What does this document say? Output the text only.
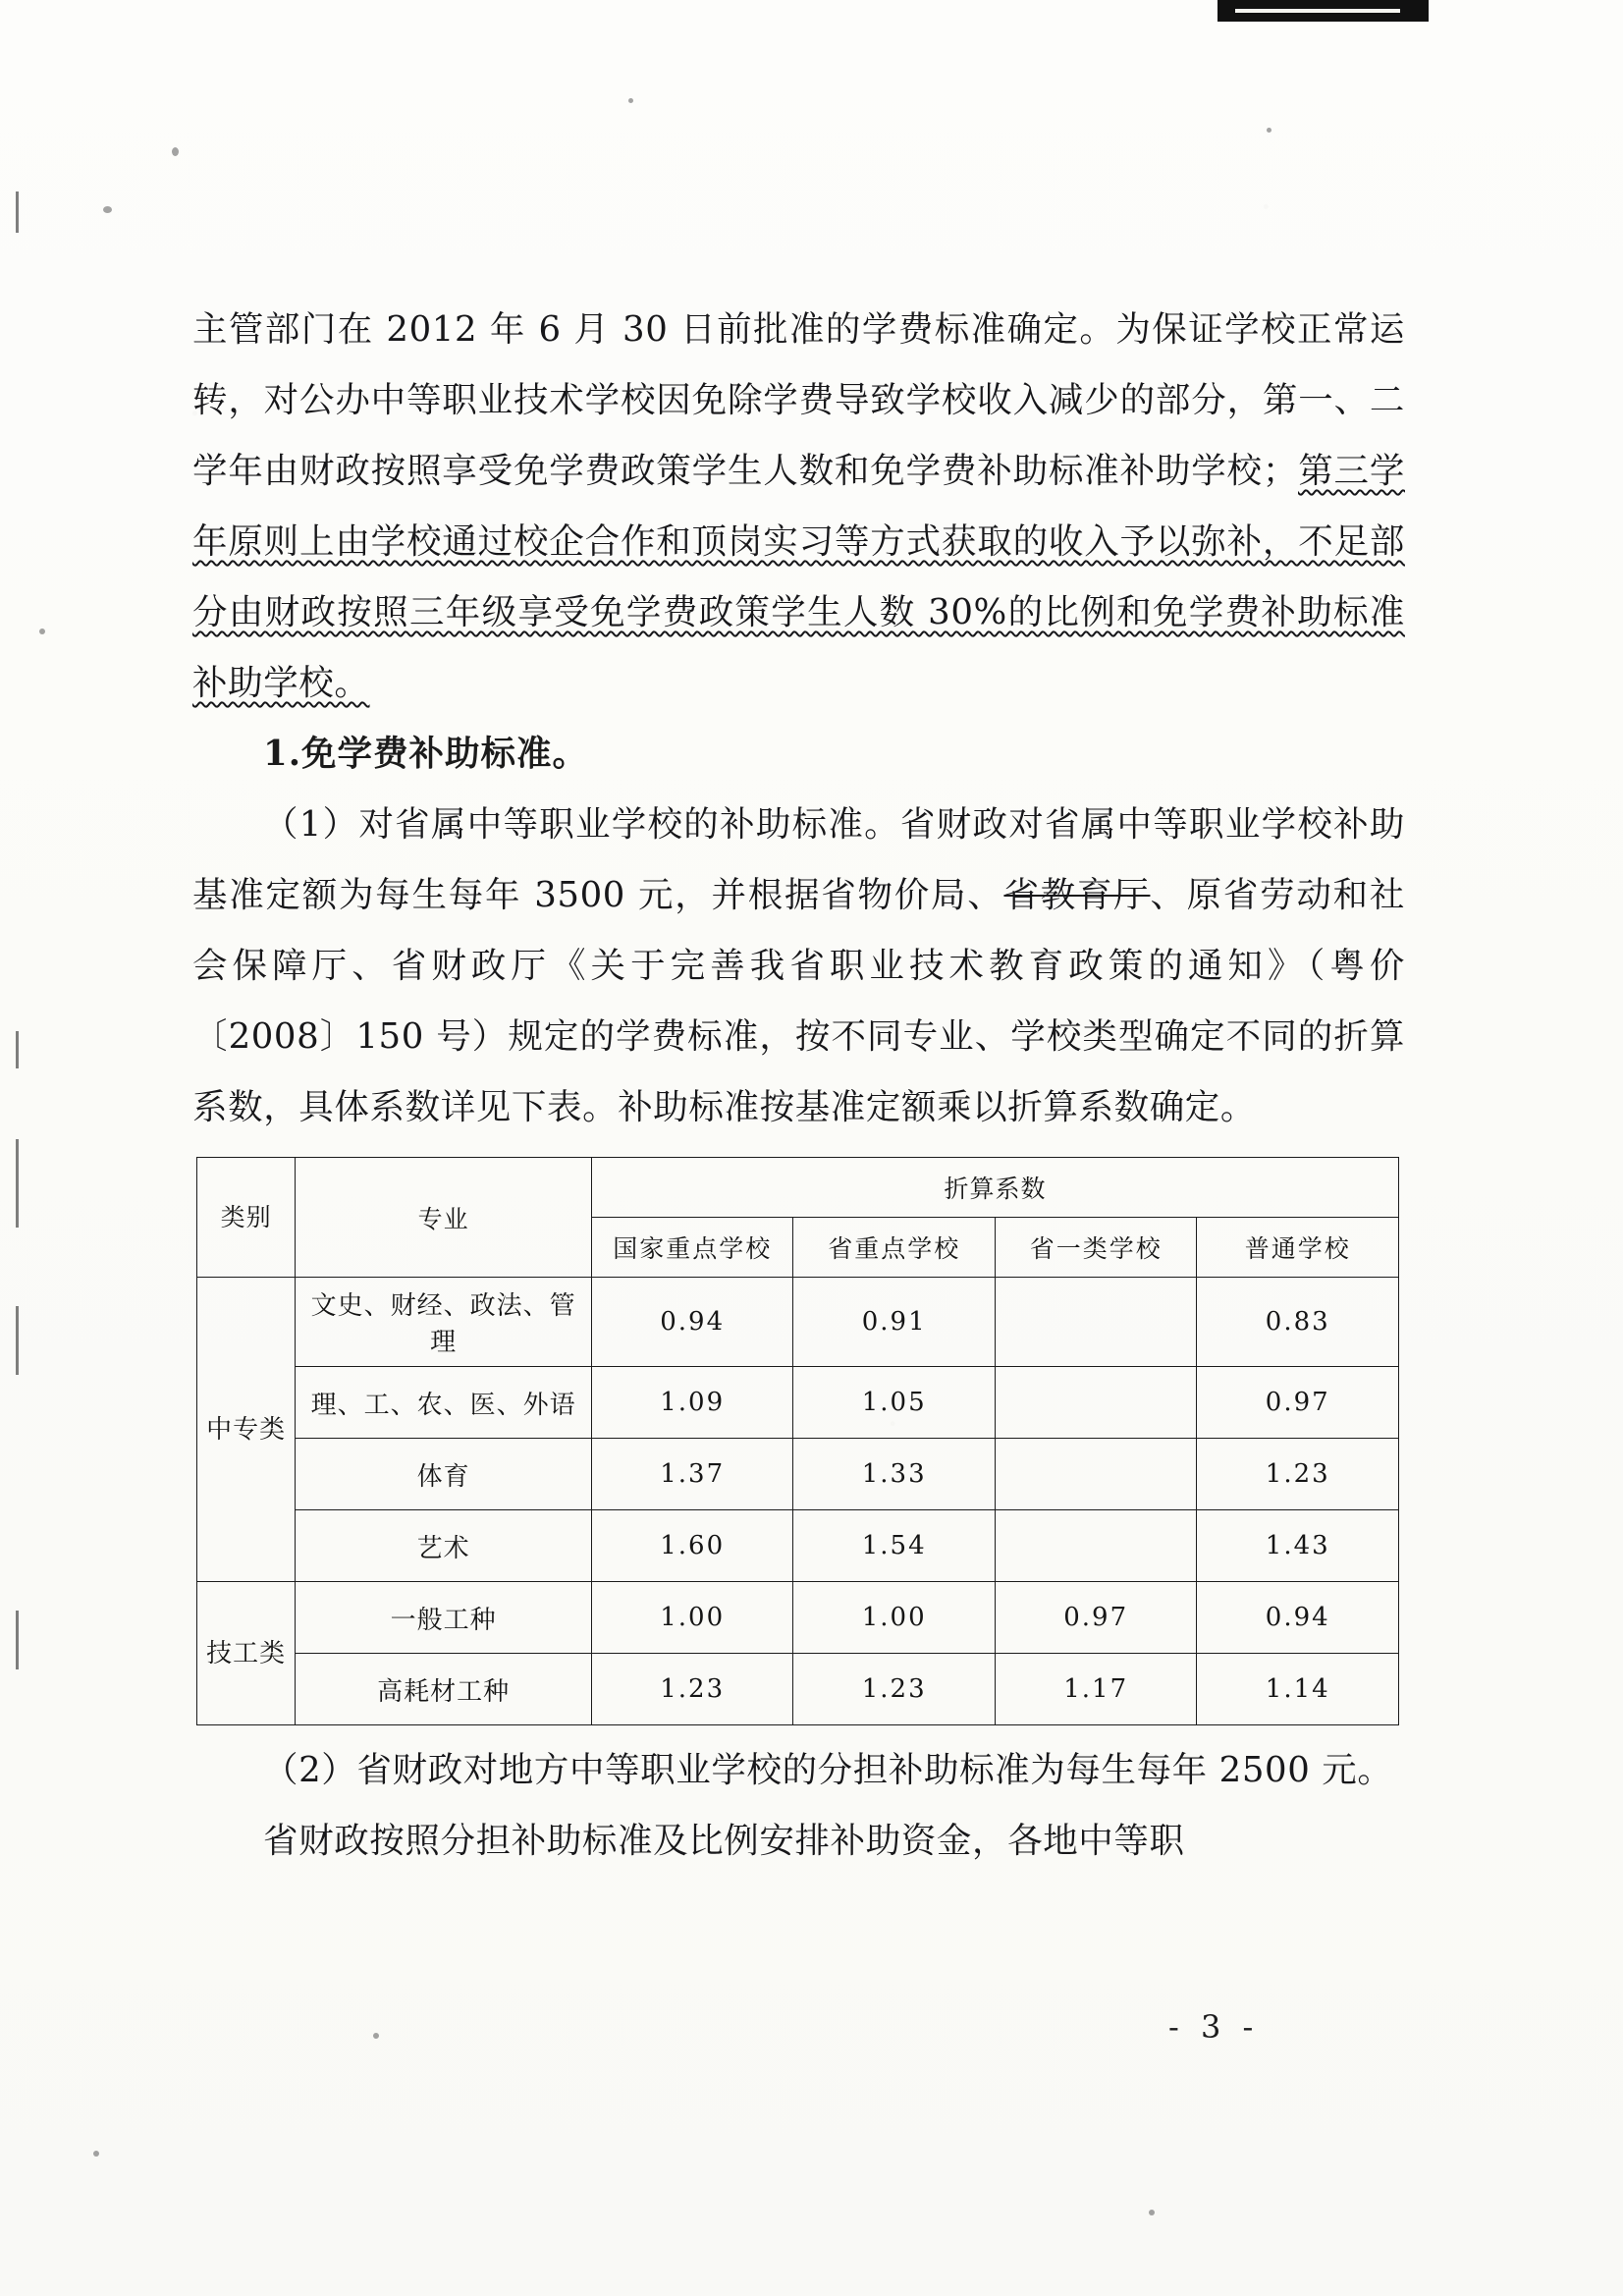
主管部门在 2012 年 6 月 30 日前批准的学费标准确定。为保证学校正常运转，对公办中等职业技术学校因免除学费导致学校收入减少的部分，第一、二学年由财政按照享受免学费政策学生人数和免学费补助标准补助学校；第三学年原则上由学校通过校企合作和顶岗实习等方式获取的收入予以弥补，不足部分由财政按照三年级享受免学费政策学生人数 30%的比例和免学费补助标准补助学校。

1.免学费补助标准。

（1）对省属中等职业学校的补助标准。省财政对省属中等职业学校补助基准定额为每生每年 3500 元，并根据省物价局、省教育厅、原省劳动和社会保障厅、省财政厅《关于完善我省职业技术教育政策的通知》（粤价〔2008〕150 号）规定的学费标准，按不同专业、学校类型确定不同的折算系数，具体系数详见下表。补助标准按基准定额乘以折算系数确定。

类别	专业	折算系数			
		国家重点学校	省重点学校	省一类学校	普通学校
中专类	文史、财经、政法、管理	0.94	0.91		0.83
	理、工、农、医、外语	1.09	1.05		0.97
	体育	1.37	1.33		1.23
	艺术	1.60	1.54		1.43
技工类	一般工种	1.00	1.00	0.97	0.94
	高耗材工种	1.23	1.23	1.17	1.14

（2）省财政对地方中等职业学校的分担补助标准为每生每年 2500 元。

省财政按照分担补助标准及比例安排补助资金，各地中等职

- 3 -
